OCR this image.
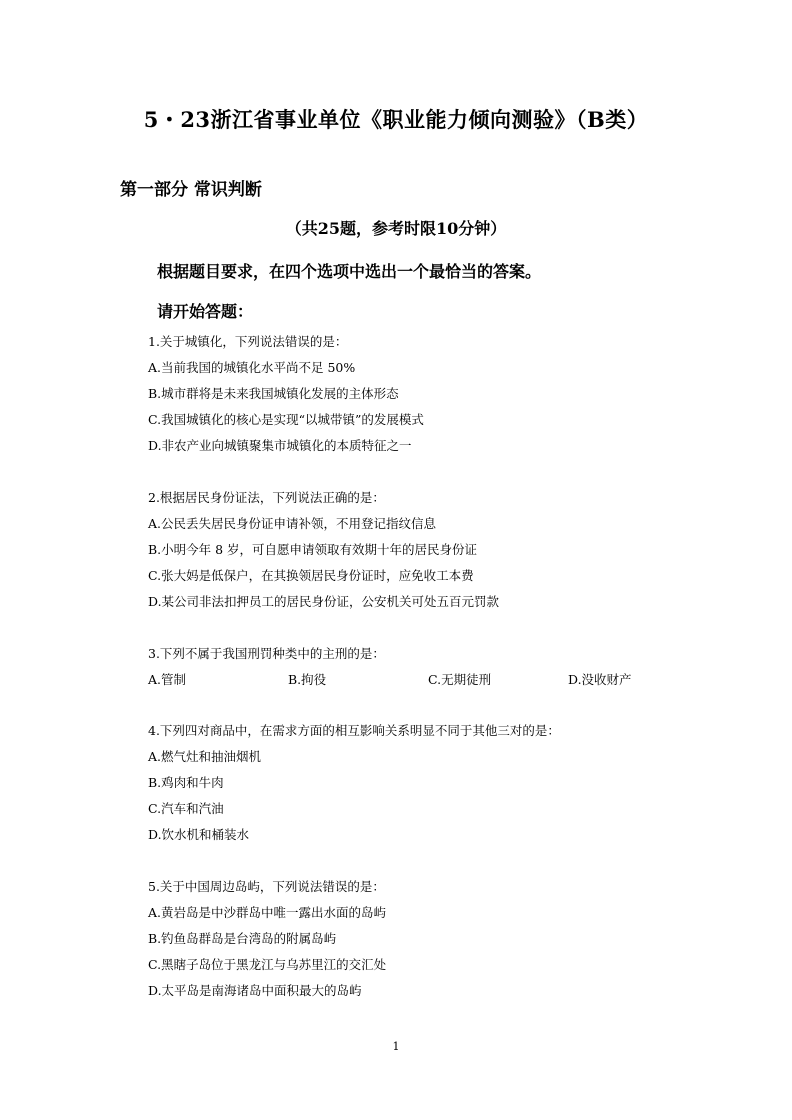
5・23浙江省事业单位《职业能力倾向测验》（B类）
第一部分 常识判断
（共25题，参考时限10分钟）
根据题目要求，在四个选项中选出一个最恰当的答案。
请开始答题：
1.关于城镇化，下列说法错误的是：
A.当前我国的城镇化水平尚不足 50%
B.城市群将是未来我国城镇化发展的主体形态
C.我国城镇化的核心是实现“以城带镇”的发展模式
D.非农产业向城镇聚集市城镇化的本质特征之一
2.根据居民身份证法，下列说法正确的是：
A.公民丢失居民身份证申请补领，不用登记指纹信息
B.小明今年 8 岁，可自愿申请领取有效期十年的居民身份证
C.张大妈是低保户，在其换领居民身份证时，应免收工本费
D.某公司非法扣押员工的居民身份证，公安机关可处五百元罚款
3.下列不属于我国刑罚种类中的主刑的是：
A.管制	B.拘役	C.无期徒刑	D.没收财产
4.下列四对商品中，在需求方面的相互影响关系明显不同于其他三对的是：
A.燃气灶和抽油烟机
B.鸡肉和牛肉
C.汽车和汽油
D.饮水机和桶装水
5.关于中国周边岛屿，下列说法错误的是：
A.黄岩岛是中沙群岛中唯一露出水面的岛屿
B.钓鱼岛群岛是台湾岛的附属岛屿
C.黑瞎子岛位于黑龙江与乌苏里江的交汇处
D.太平岛是南海诸岛中面积最大的岛屿
1
